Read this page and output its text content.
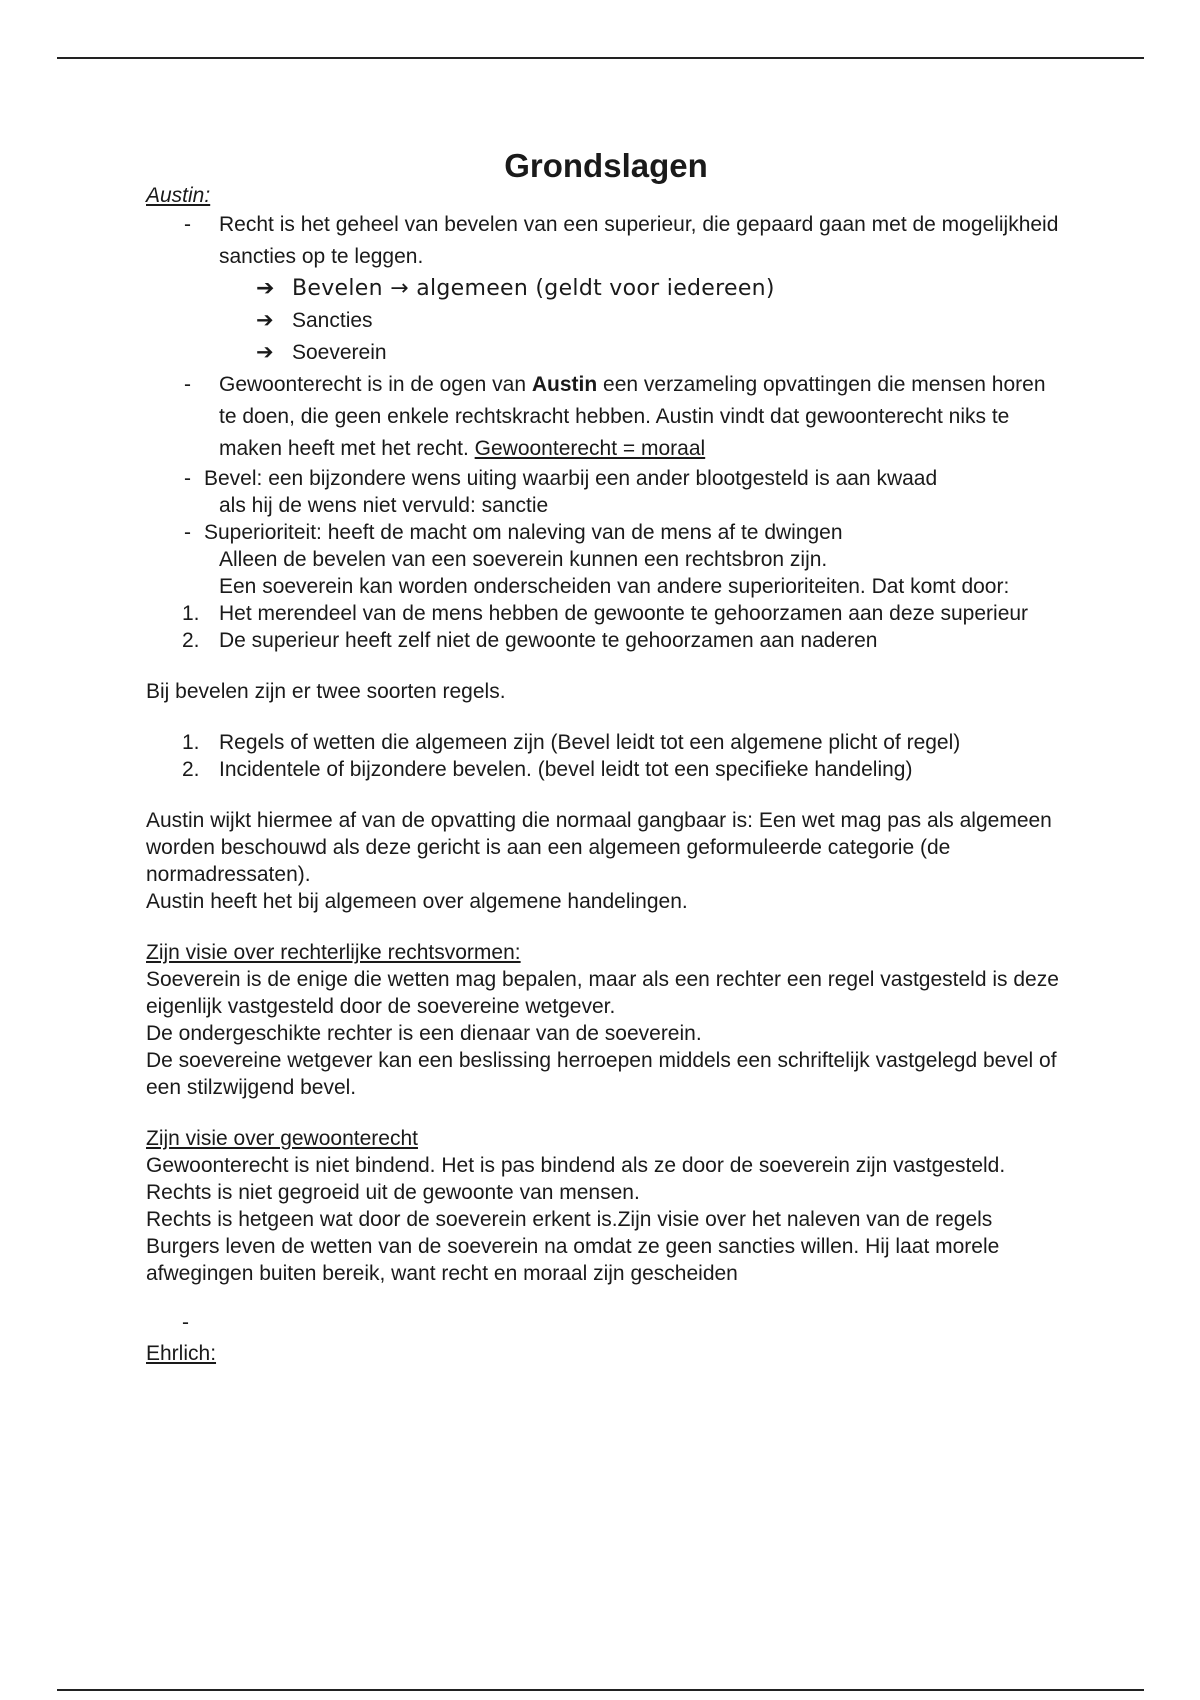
Grondslagen

Austin:

- Recht is het geheel van bevelen van een superieur, die gepaard gaan met de mogelijkheid sancties op te leggen.
➔ Bevelen → algemeen (geldt voor iedereen)
➔ Sancties
➔ Soeverein
- Gewoonterecht is in de ogen van Austin een verzameling opvattingen die mensen horen te doen, die geen enkele rechtskracht hebben. Austin vindt dat gewoonterecht niks te maken heeft met het recht. Gewoonterecht = moraal
- Bevel: een bijzondere wens uiting waarbij een ander blootgesteld is aan kwaad

als hij de wens niet vervuld: sanctie

- Superioriteit: heeft de macht om naleving van de mens af te dwingen

Alleen de bevelen van een soeverein kunnen een rechtsbron zijn.

Een soeverein kan worden onderscheiden van andere superioriteiten. Dat komt door:

1. Het merendeel van de mens hebben de gewoonte te gehoorzamen aan deze superieur
2. De superieur heeft zelf niet de gewoonte te gehoorzamen aan naderen

Bij bevelen zijn er twee soorten regels.

1. Regels of wetten die algemeen zijn (Bevel leidt tot een algemene plicht of regel)
2. Incidentele of bijzondere bevelen. (bevel leidt tot een specifieke handeling)

Austin wijkt hiermee af van de opvatting die normaal gangbaar is: Een wet mag pas als algemeen worden beschouwd als deze gericht is aan een algemeen geformuleerde categorie (de normadressaten).

Austin heeft het bij algemeen over algemene handelingen.

Zijn visie over rechterlijke rechtsvormen:

Soeverein is de enige die wetten mag bepalen, maar als een rechter een regel vastgesteld is deze eigenlijk vastgesteld door de soevereine wetgever.

De ondergeschikte rechter is een dienaar van de soeverein.

De soevereine wetgever kan een beslissing herroepen middels een schriftelijk vastgelegd bevel of een stilzwijgend bevel.

Zijn visie over gewoonterecht

Gewoonterecht is niet bindend. Het is pas bindend als ze door de soeverein zijn vastgesteld. Rechts is niet gegroeid uit de gewoonte van mensen.

Rechts is hetgeen wat door de soeverein erkent is.Zijn visie over het naleven van de regels

Burgers leven de wetten van de soeverein na omdat ze geen sancties willen. Hij laat morele afwegingen buiten bereik, want recht en moraal zijn gescheiden

-

Ehrlich:
